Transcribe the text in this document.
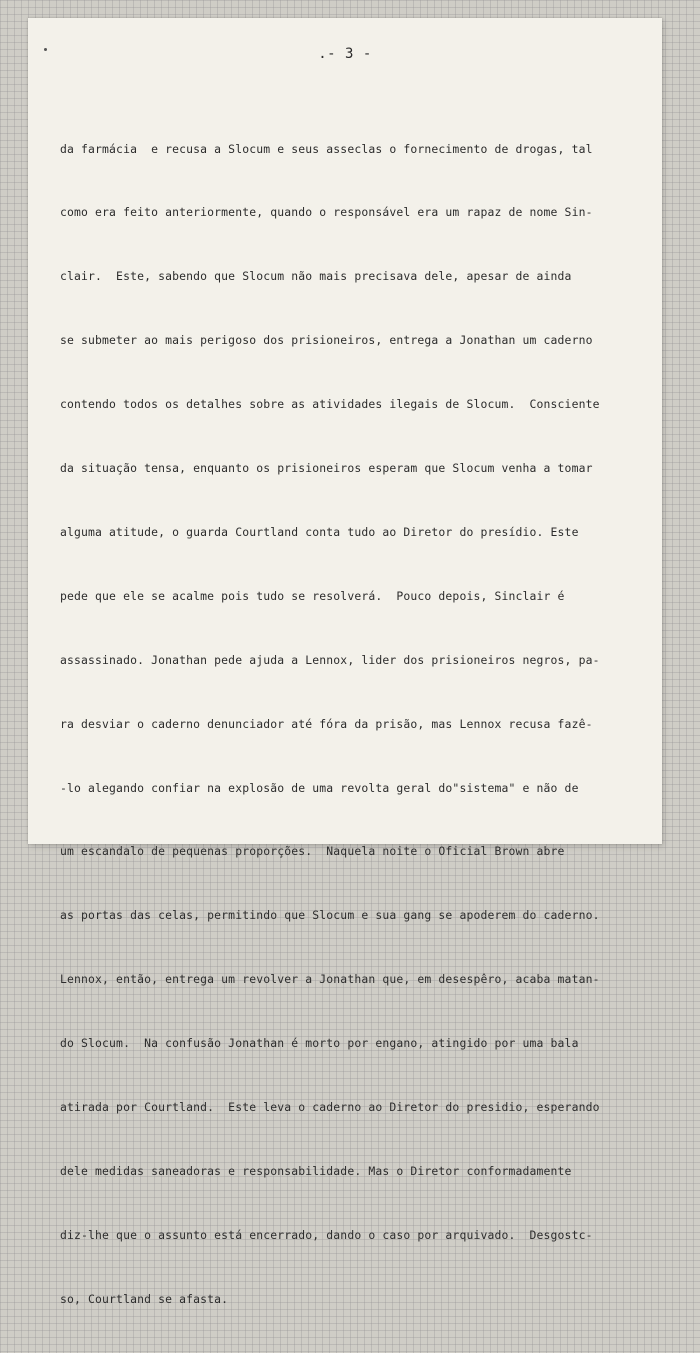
.- 3 -

da farmácia  e recusa a Slocum e seus asseclas o fornecimento de drogas, tal

como era feito anteriormente, quando o responsável era um rapaz de nome Sin-

clair.  Este, sabendo que Slocum não mais precisava dele, apesar de ainda

se submeter ao mais perigoso dos prisioneiros, entrega a Jonathan um caderno

contendo todos os detalhes sobre as atividades ilegais de Slocum.  Consciente

da situação tensa, enquanto os prisioneiros esperam que Slocum venha a tomar

alguma atitude, o guarda Courtland conta tudo ao Diretor do presídio. Este

pede que ele se acalme pois tudo se resolverá.  Pouco depois, Sinclair é

assassinado. Jonathan pede ajuda a Lennox, lider dos prisioneiros negros, pa-

ra desviar o caderno denunciador até fóra da prisão, mas Lennox recusa fazê-

-lo alegando confiar na explosão de uma revolta geral do"sistema" e não de

um escandalo de pequenas proporções.  Naquela noite o Oficial Brown abre

as portas das celas, permitindo que Slocum e sua gang se apoderem do caderno.

Lennox, então, entrega um revolver a Jonathan que, em desespêro, acaba matan-

do Slocum.  Na confusão Jonathan é morto por engano, atingido por uma bala

atirada por Courtland.  Este leva o caderno ao Diretor do presidio, esperando

dele medidas saneadoras e responsabilidade. Mas o Diretor conformadamente

diz-lhe que o assunto está encerrado, dando o caso por arquivado.  Desgostc-

so, Courtland se afasta.
